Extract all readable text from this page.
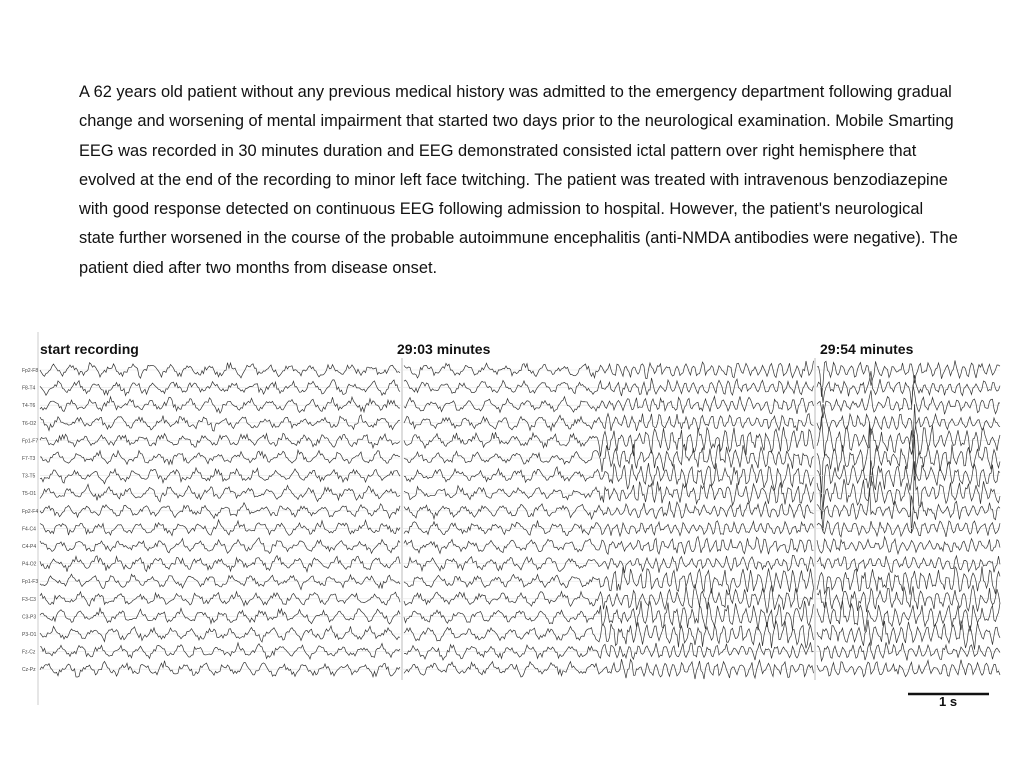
A 62 years old patient without any previous medical history was admitted to the emergency department following gradual change and worsening of mental impairment that started two days prior to the neurological examination. Mobile Smarting EEG was recorded in 30 minutes duration and EEG demonstrated consisted ictal pattern over right hemisphere that evolved at the end of the recording to minor left face twitching. The patient was treated with intravenous benzodiazepine with good response detected on continuous EEG following admission to hospital. However, the patient's neurological state further worsened in the course of the probable autoimmune encephalitis (anti-NMDA antibodies were negative). The patient died after two months from disease onset.

Fp2-F8
F8-T4
T4-T6
T6-O2
Fp1-F7
F7-T3
T3-T5
T5-O1
Fp2-F4
F4-C4
C4-P4
P4-O2
Fp1-F3
F3-C3
C3-P3
P3-O1
Fz-Cz
Cz-Pz
start recording	29:03 minutes	29:54 minutes
1 s
